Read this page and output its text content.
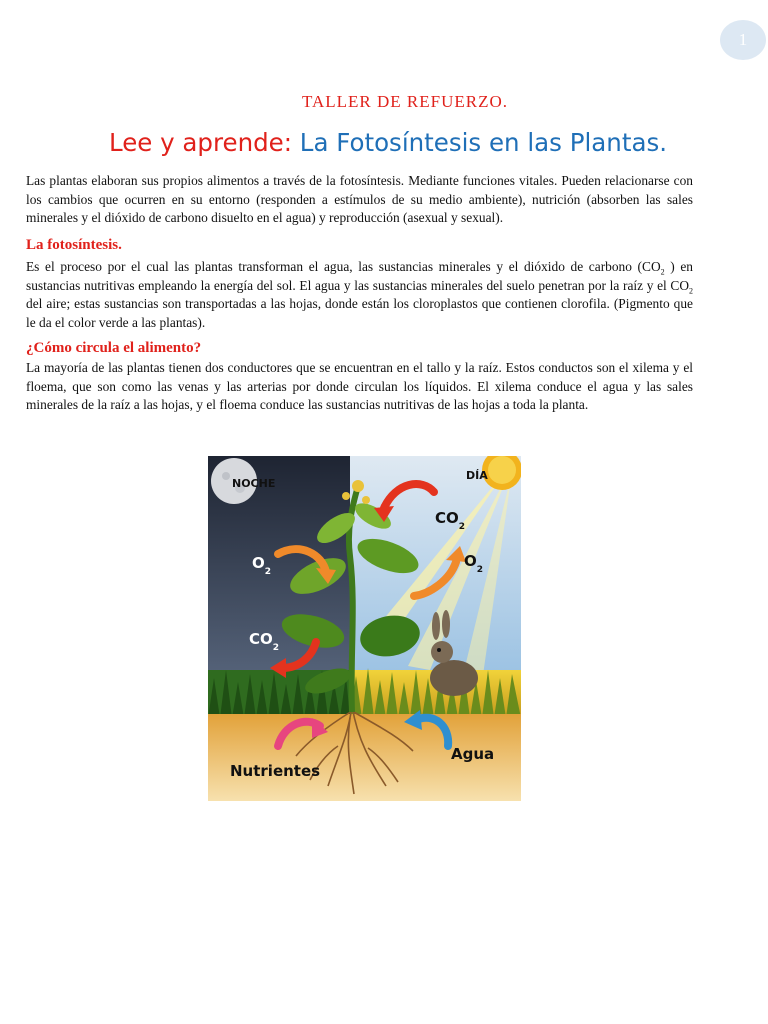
1
TALLER DE REFUERZO.
Lee y aprende: La Fotosíntesis en las Plantas.

Las plantas elaboran sus propios alimentos a través de la fotosíntesis. Mediante funciones vitales. Pueden relacionarse con los cambios que ocurren en su entorno (responden a estímulos de su medio ambiente), nutrición (absorben las sales minerales y el dióxido de carbono disuelto en el agua) y reproducción (asexual y sexual).

La fotosíntesis.

Es el proceso por el cual las plantas transforman el agua, las sustancias minerales y el dióxido de carbono ($CO_2$ ) en sustancias nutritivas empleando la energía del sol. El agua y las sustancias minerales del suelo penetran por la raíz y el $CO_2$ del aire; estas sustancias son transportadas a las hojas, donde están los cloroplastos que contienen clorofila. (Pigmento que le da el color verde a las plantas).

¿Cómo circula el alimento?

La mayoría de las plantas tienen dos conductores que se encuentran en el tallo y la raíz. Estos conductos son el xilema y el floema, que son como las venas y las arterias por donde circulan los líquidos. El xilema conduce el agua y las sales minerales de la raíz a las hojas, y el floema conduce las sustancias nutritivas de las hojas a toda la planta.

NOCHE
DÍA
$CO_2$
$O_2$
$O_2$
$CO_2$
Agua
Nutrientes
